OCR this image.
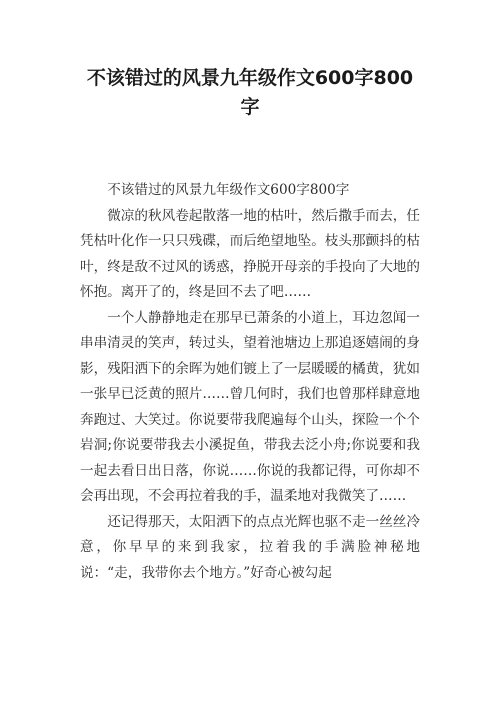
不该错过的风景九年级作文600字800字

不该错过的风景九年级作文600字800字

微凉的秋风卷起散落一地的枯叶，然后撒手而去，任凭枯叶化作一只只残碟，而后绝望地坠。枝头那颤抖的枯叶，终是敌不过风的诱惑，挣脱开母亲的手投向了大地的怀抱。离开了的，终是回不去了吧……

一个人静静地走在那早已萧条的小道上，耳边忽闻一串串清灵的笑声，转过头，望着池塘边上那追逐嬉闹的身影，残阳洒下的余晖为她们镀上了一层暖暖的橘黄，犹如一张早已泛黄的照片……曾几何时，我们也曾那样肆意地奔跑过、大笑过。你说要带我爬遍每个山头，探险一个个岩洞;你说要带我去小溪捉鱼，带我去泛小舟;你说要和我一起去看日出日落，你说……你说的我都记得，可你却不会再出现，不会再拉着我的手，温柔地对我微笑了……

还记得那天，太阳洒下的点点光辉也驱不走一丝丝冷意，你早早的来到我家，拉着我的手满脸神秘地说：“走，我带你去个地方。”好奇心被勾起
